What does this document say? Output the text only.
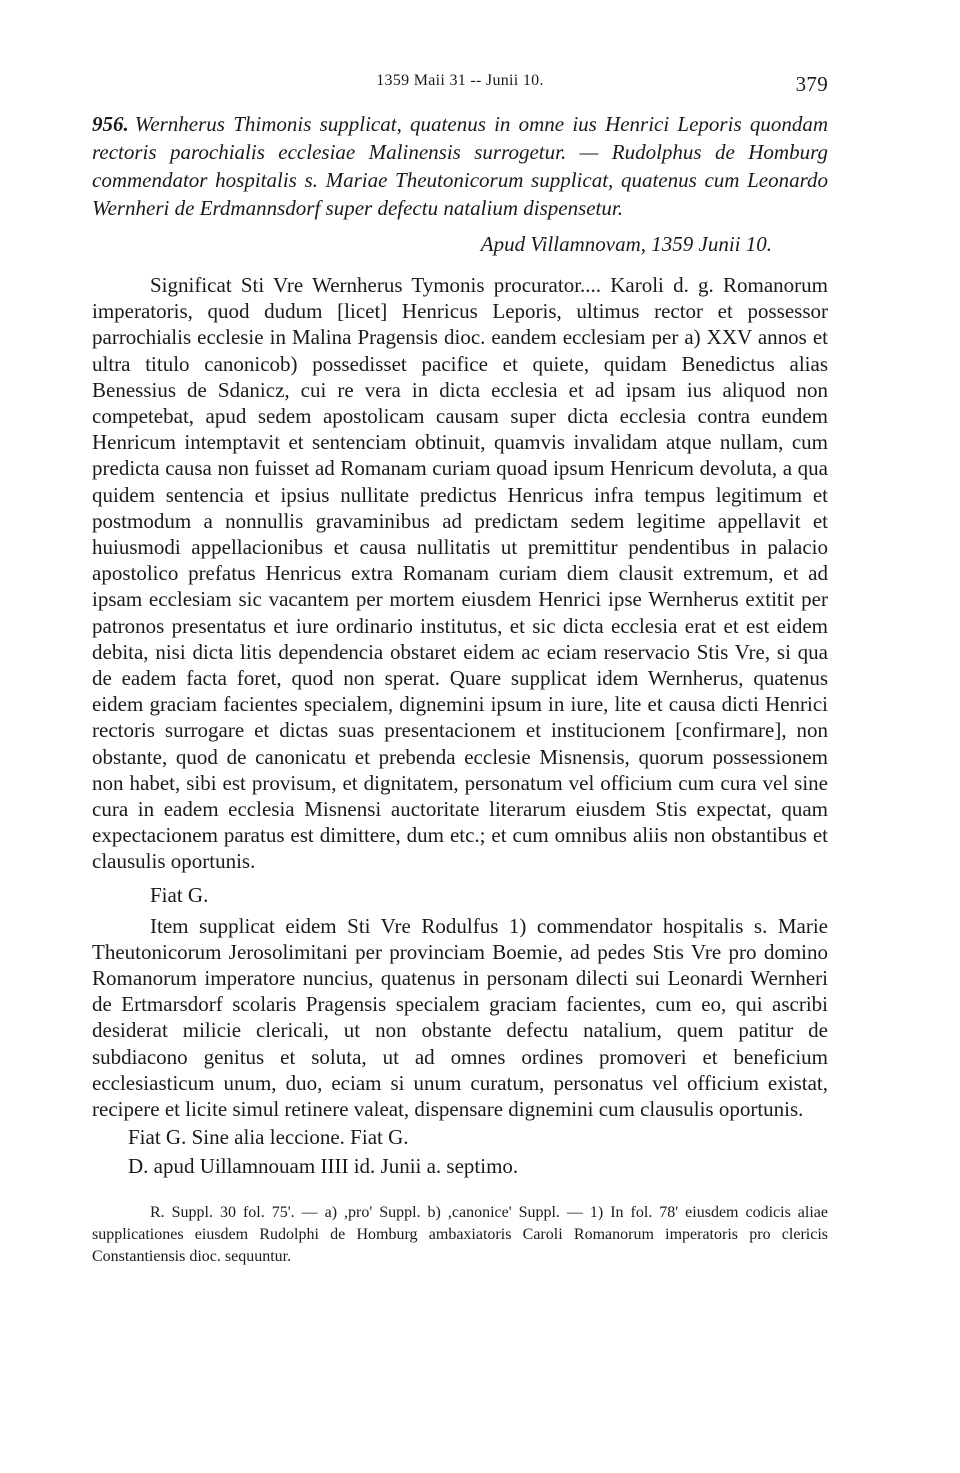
1359 Maii 31 -- Junii 10.	379
956. Wernherus Thimonis supplicat, quatenus in omne ius Henrici Leporis quondam rectoris parochialis ecclesiae Malinensis surrogetur. — Rudolphus de Homburg commendator hospitalis s. Mariae Theutonicorum supplicat, quatenus cum Leonardo Wernheri de Erdmannsdorf super defectu natalium dispensetur.
Apud Villamnovam, 1359 Junii 10.

Significat Sti Vre Wernherus Tymonis procurator.... Karoli d. g. Romanorum imperatoris, quod dudum [licet] Henricus Leporis, ultimus rector et possessor parrochialis ecclesie in Malina Pragensis dioc. eandem ecclesiam per a) XXV annos et ultra titulo canonicob) possedisset pacifice et quiete, quidam Benedictus alias Benessius de Sdanicz, cui re vera in dicta ecclesia et ad ipsam ius aliquod non competebat, apud sedem apostolicam causam super dicta ecclesia contra eundem Henricum intemptavit et sentenciam obtinuit, quamvis invalidam atque nullam, cum predicta causa non fuisset ad Romanam curiam quoad ipsum Henricum devoluta, a qua quidem sentencia et ipsius nullitate predictus Henricus infra tempus legitimum et postmodum a nonnullis gravaminibus ad predictam sedem legitime appellavit et huiusmodi appellacionibus et causa nullitatis ut premittitur pendentibus in palacio apostolico prefatus Henricus extra Romanam curiam diem clausit extremum, et ad ipsam ecclesiam sic vacantem per mortem eiusdem Henrici ipse Wernherus extitit per patronos presentatus et iure ordinario institutus, et sic dicta ecclesia erat et est eidem debita, nisi dicta litis dependencia obstaret eidem ac eciam reservacio Stis Vre, si qua de eadem facta foret, quod non sperat. Quare supplicat idem Wernherus, quatenus eidem graciam facientes specialem, dignemini ipsum in iure, lite et causa dicti Henrici rectoris surrogare et dictas suas presentacionem et institucionem [confirmare], non obstante, quod de canonicatu et prebenda ecclesie Misnensis, quorum possessionem non habet, sibi est provisum, et dignitatem, personatum vel officium cum cura vel sine cura in eadem ecclesia Misnensi auctoritate literarum eiusdem Stis expectat, quam expectacionem paratus est dimittere, dum etc.; et cum omnibus aliis non obstantibus et clausulis oportunis.

Fiat G.

Item supplicat eidem Sti Vre Rodulfus 1) commendator hospitalis s. Marie Theutonicorum Jerosolimitani per provinciam Boemie, ad pedes Stis Vre pro domino Romanorum imperatore nuncius, quatenus in personam dilecti sui Leonardi Wernheri de Ertmarsdorf scolaris Pragensis specialem graciam facientes, cum eo, qui ascribi desiderat milicie clericali, ut non obstante defectu natalium, quem patitur de subdiacono genitus et soluta, ut ad omnes ordines promoveri et beneficium ecclesiasticum unum, duo, eciam si unum curatum, personatus vel officium existat, recipere et licite simul retinere valeat, dispensare dignemini cum clausulis oportunis.

Fiat G. Sine alia leccione. Fiat G.
D. apud Uillamnouam IIII id. Junii a. septimo.

R. Suppl. 30 fol. 75'. — a) ,pro' Suppl. b) ,canonice' Suppl. — 1) In fol. 78' eiusdem codicis aliae supplicationes eiusdem Rudolphi de Homburg ambaxiatoris Caroli Romanorum imperatoris pro clericis Constantiensis dioc. sequuntur.
